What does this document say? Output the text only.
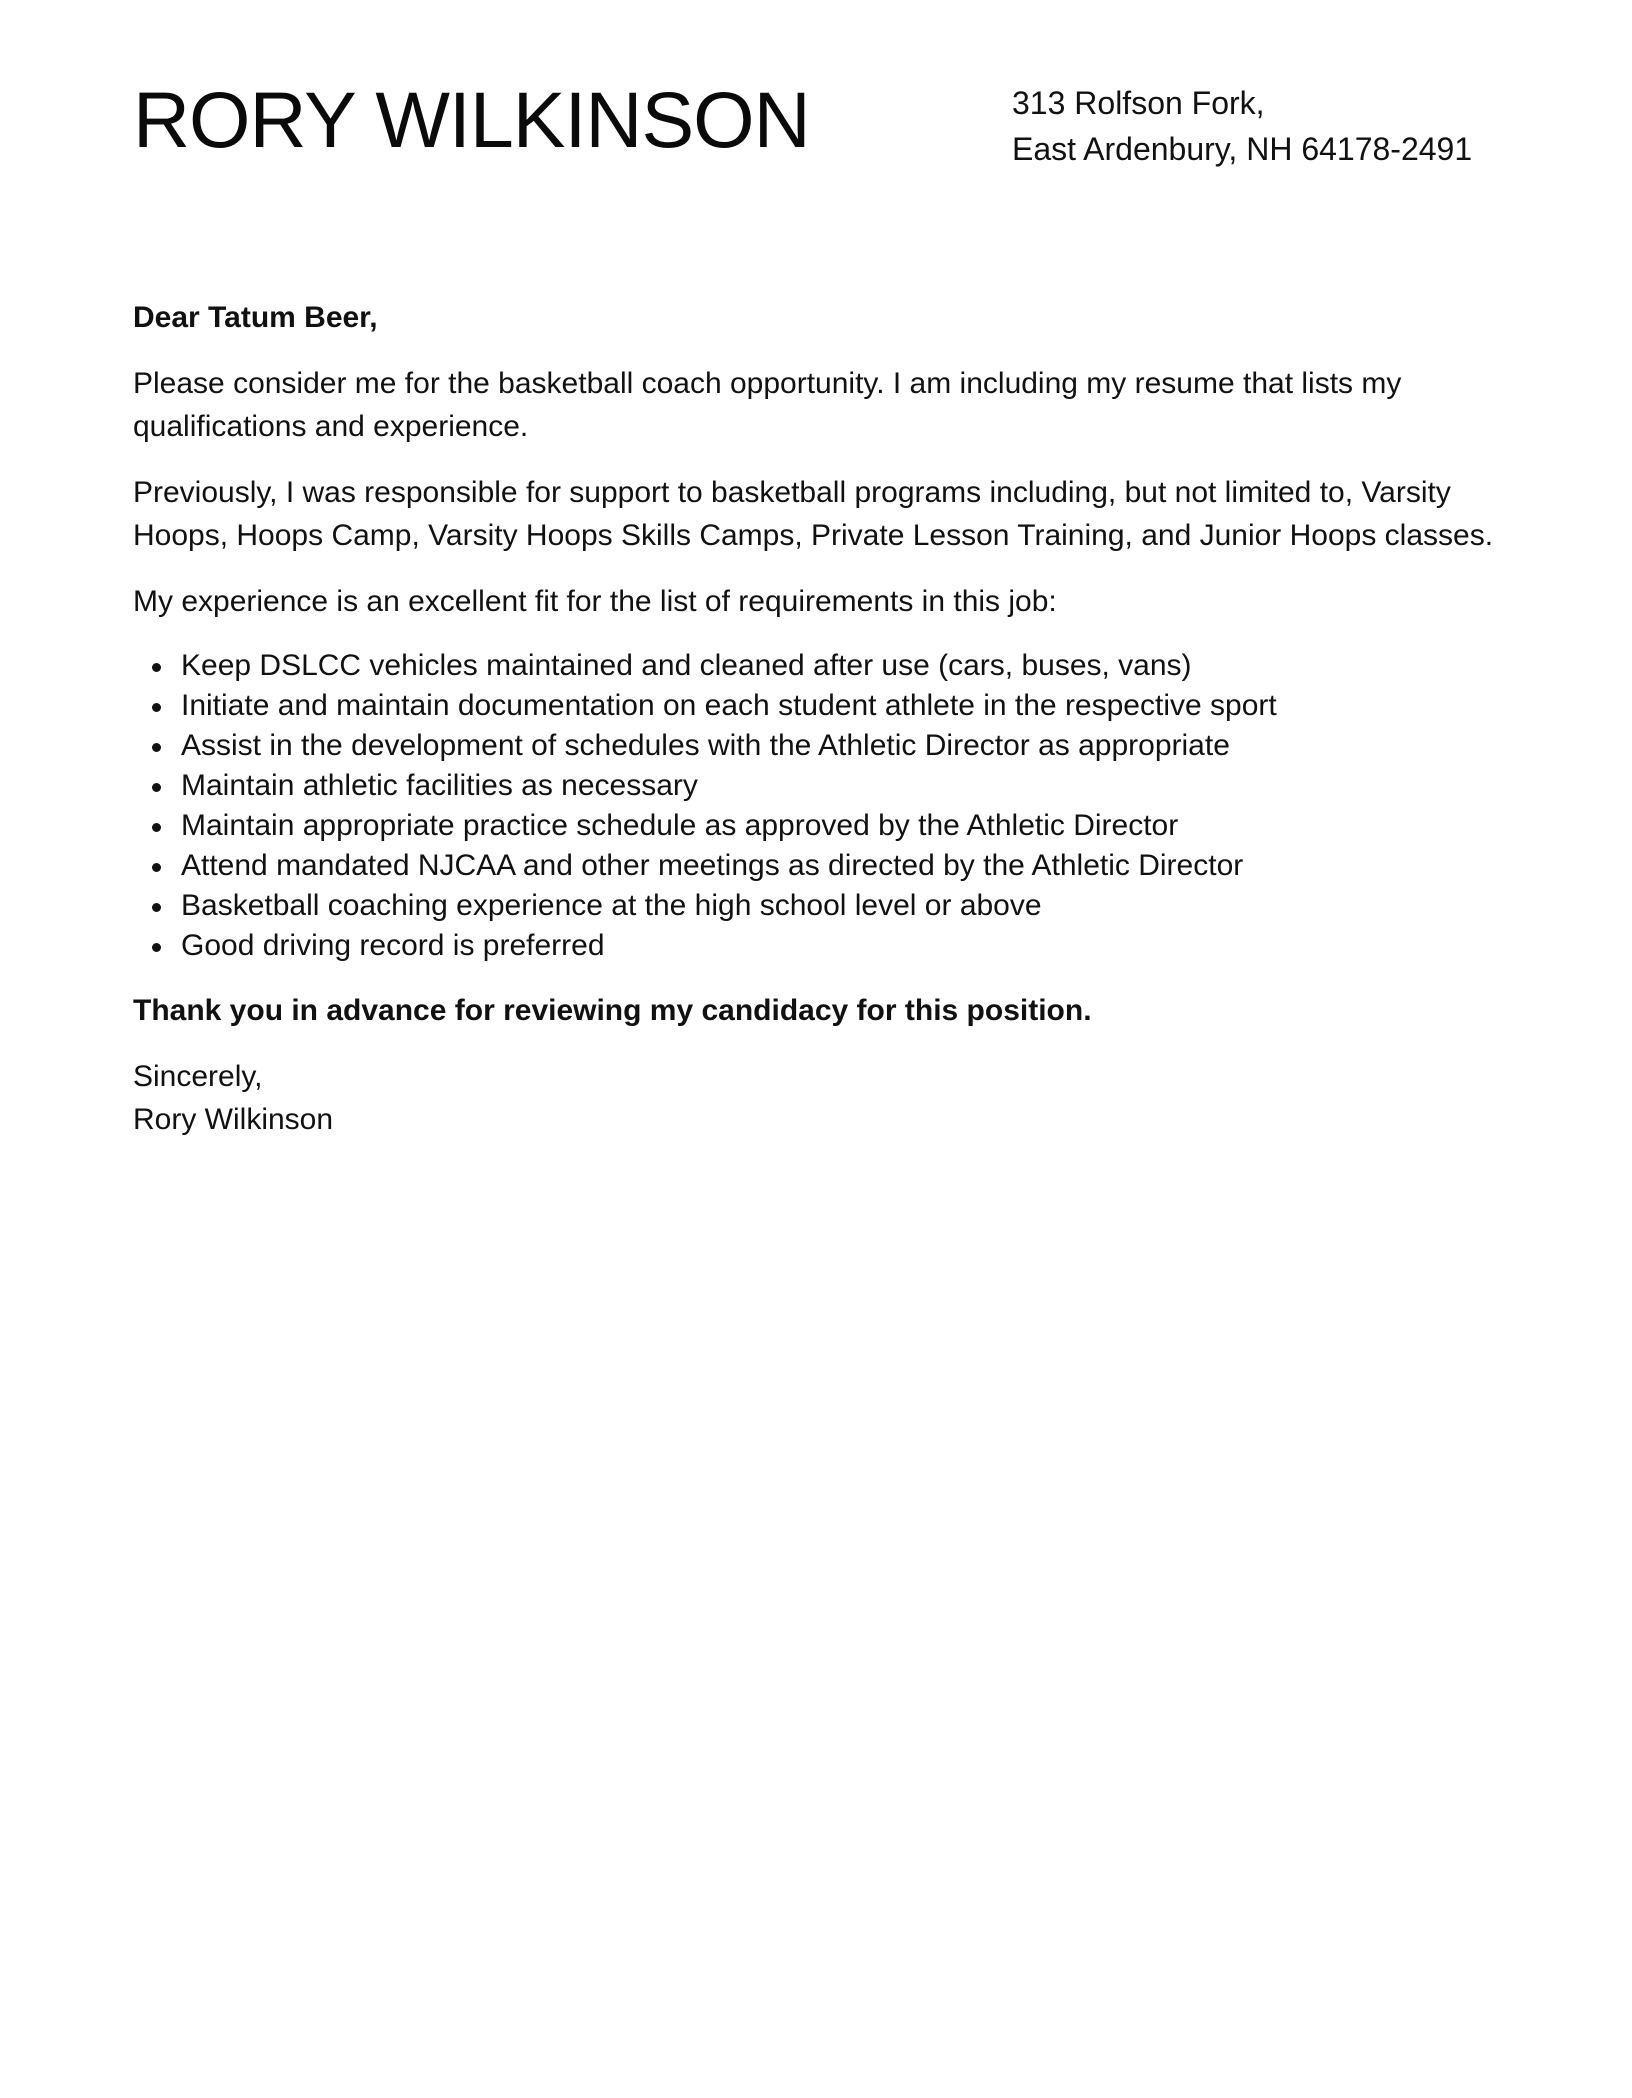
RORY WILKINSON	313 Rolfson Fork,
East Ardenbury, NH 64178-2491

Dear Tatum Beer,

Please consider me for the basketball coach opportunity. I am including my resume that lists my qualifications and experience.

Previously, I was responsible for support to basketball programs including, but not limited to, Varsity Hoops, Hoops Camp, Varsity Hoops Skills Camps, Private Lesson Training, and Junior Hoops classes.

My experience is an excellent fit for the list of requirements in this job:

Keep DSLCC vehicles maintained and cleaned after use (cars, buses, vans)
Initiate and maintain documentation on each student athlete in the respective sport
Assist in the development of schedules with the Athletic Director as appropriate
Maintain athletic facilities as necessary
Maintain appropriate practice schedule as approved by the Athletic Director
Attend mandated NJCAA and other meetings as directed by the Athletic Director
Basketball coaching experience at the high school level or above
Good driving record is preferred

Thank you in advance for reviewing my candidacy for this position.

Sincerely,
Rory Wilkinson
